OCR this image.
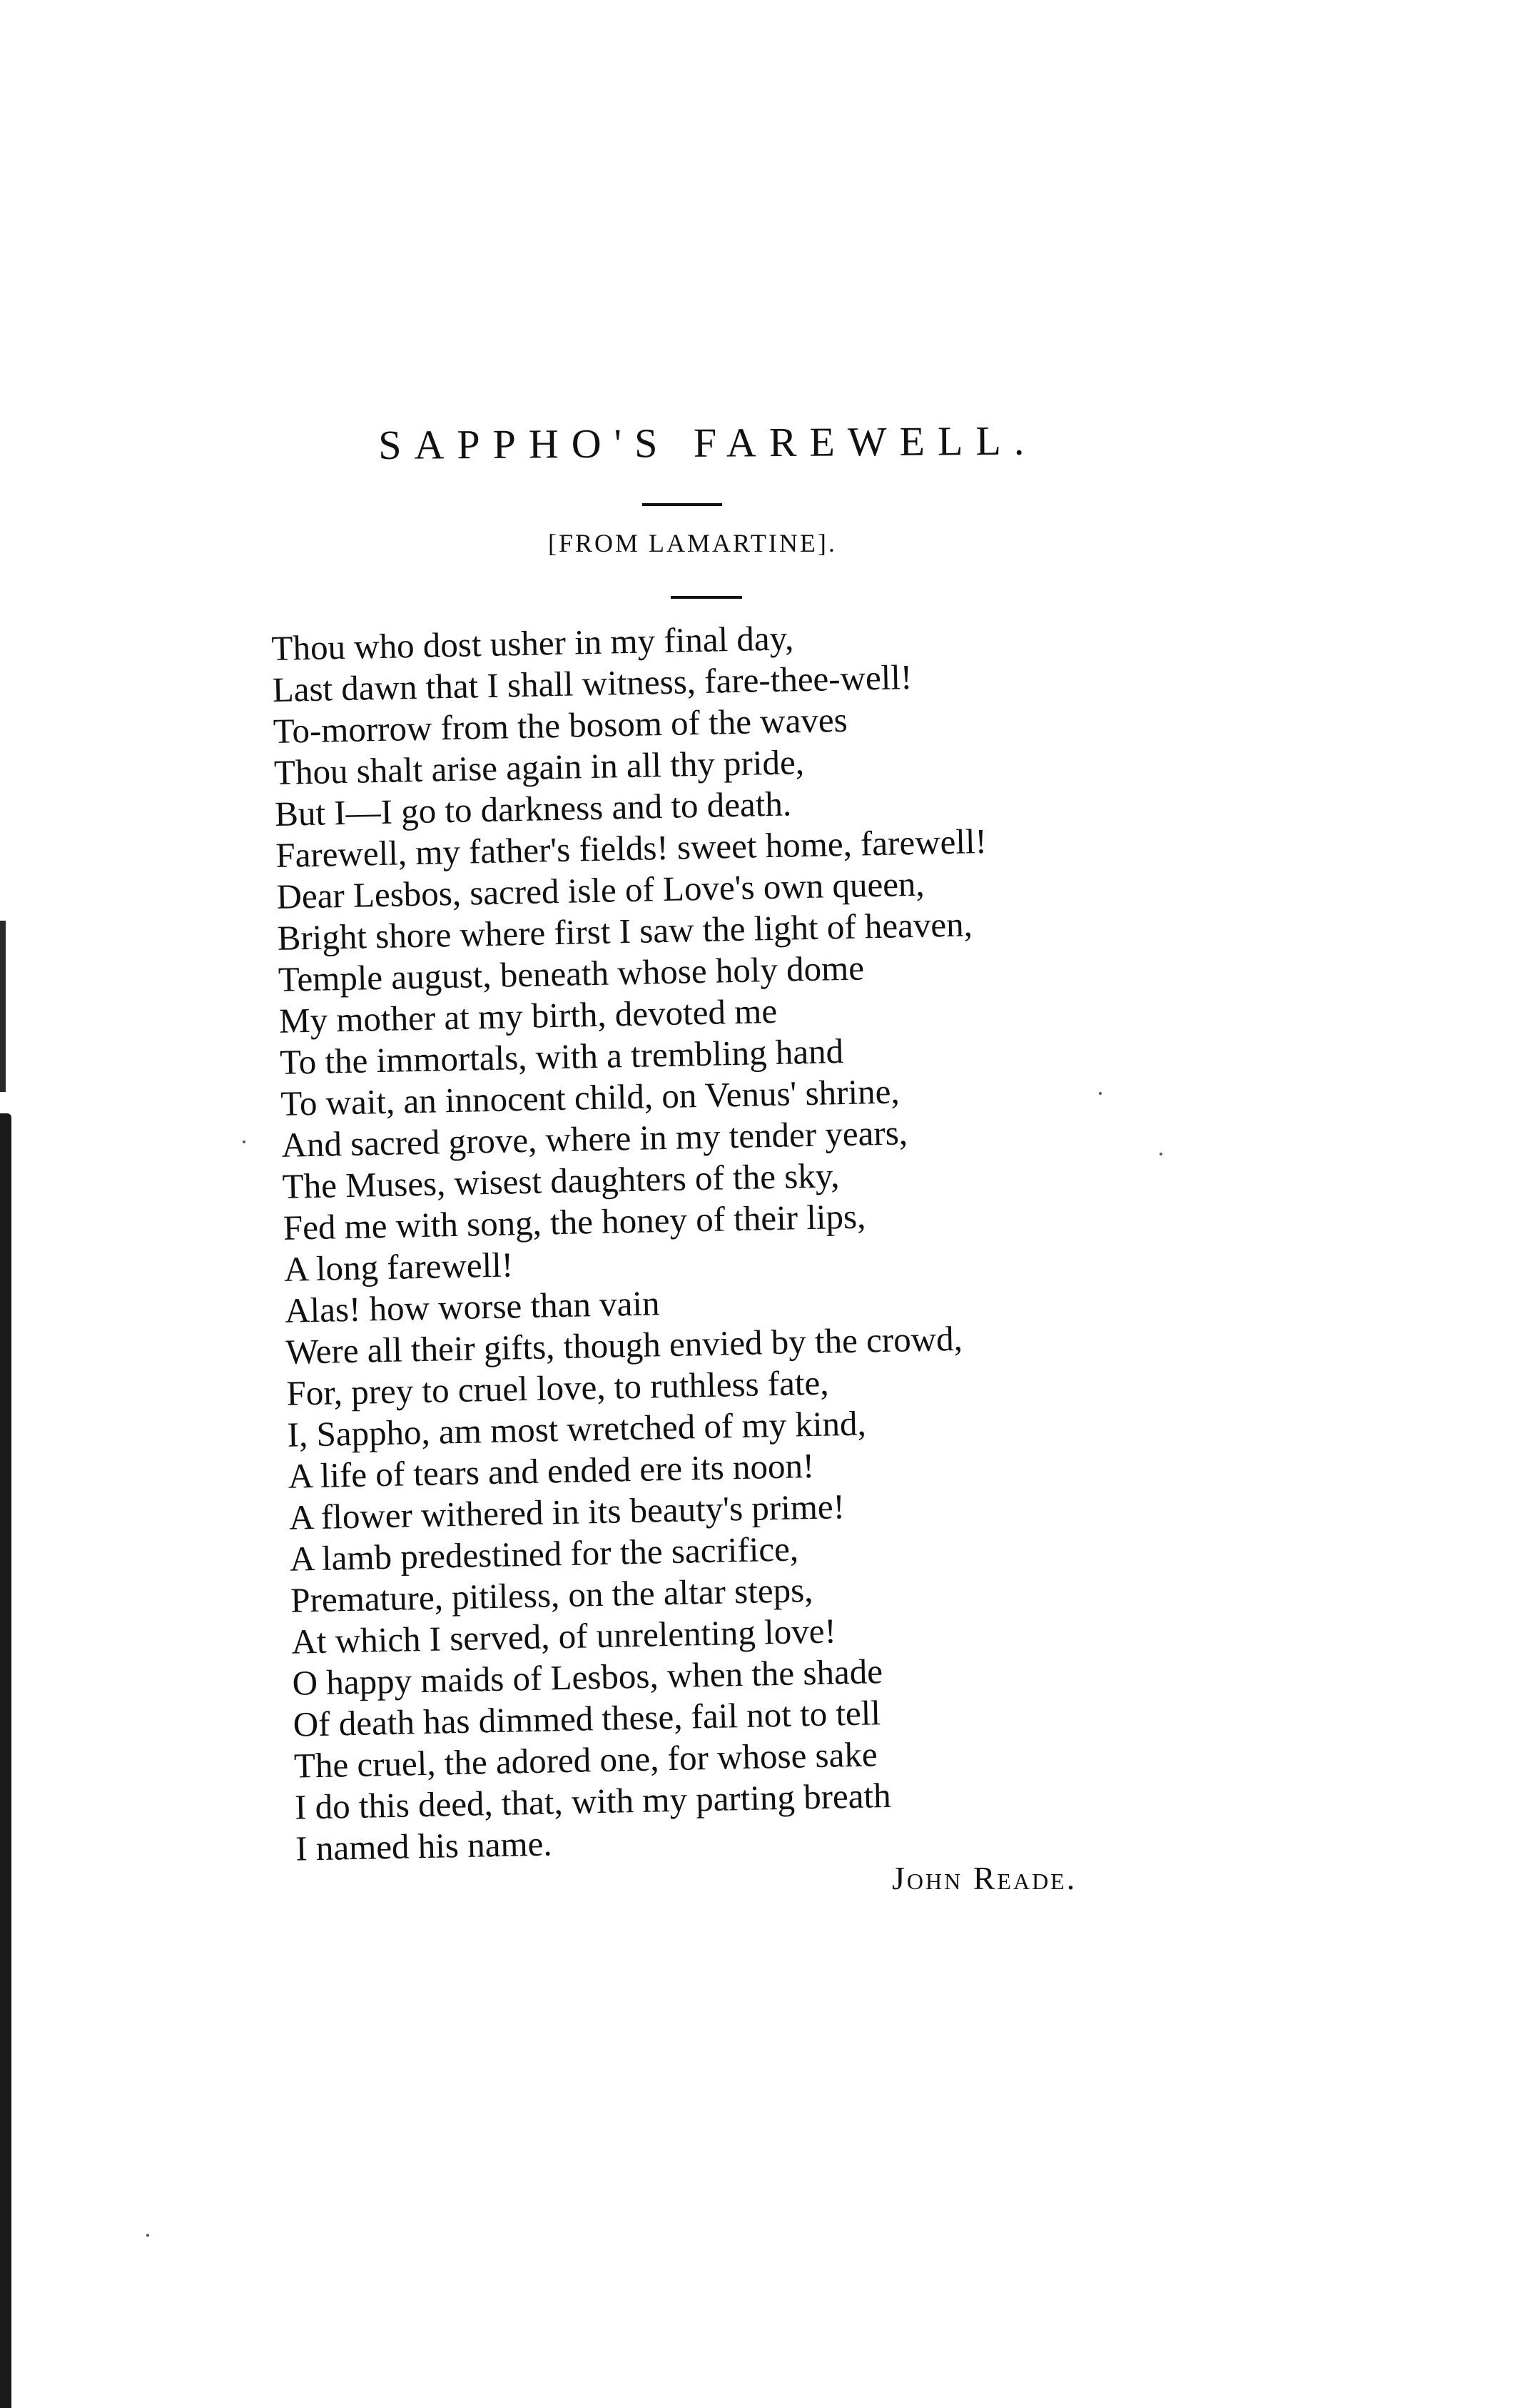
SAPPHO'S FAREWELL.
[FROM LAMARTINE].
Thou who dost usher in my final day,
Last dawn that I shall witness, fare-thee-well!
To-morrow from the bosom of the waves
Thou shalt arise again in all thy pride,
But I—I go to darkness and to death.
Farewell, my father's fields! sweet home, farewell!
Dear Lesbos, sacred isle of Love's own queen,
Bright shore where first I saw the light of heaven,
Temple august, beneath whose holy dome
My mother at my birth, devoted me
To the immortals, with a trembling hand
To wait, an innocent child, on Venus' shrine,
And sacred grove, where in my tender years,
The Muses, wisest daughters of the sky,
Fed me with song, the honey of their lips,
A long farewell!
Alas! how worse than vain
Were all their gifts, though envied by the crowd,
For, prey to cruel love, to ruthless fate,
I, Sappho, am most wretched of my kind,
A life of tears and ended ere its noon!
A flower withered in its beauty's prime!
A lamb predestined for the sacrifice,
Premature, pitiless, on the altar steps,
At which I served, of unrelenting love!
O happy maids of Lesbos, when the shade
Of death has dimmed these, fail not to tell
The cruel, the adored one, for whose sake
I do this deed, that, with my parting breath
I named his name.
John Reade.
